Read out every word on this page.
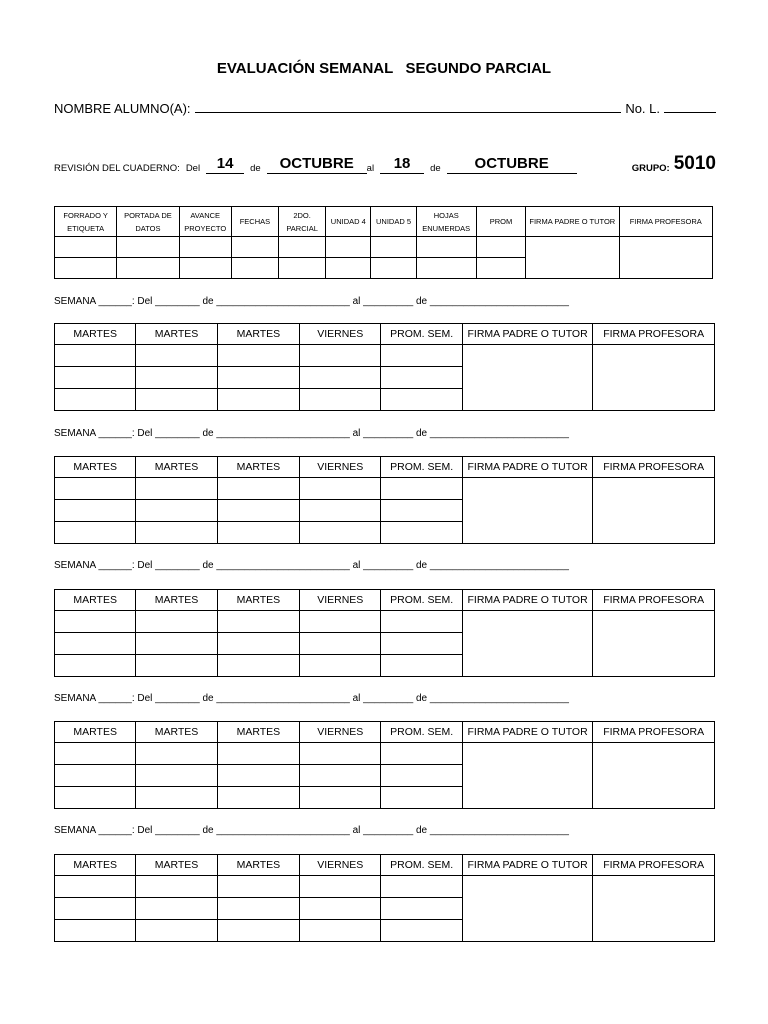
EVALUACIÓN SEMANAL   SEGUNDO PARCIAL
NOMBRE ALUMNO(A):	No. L.
REVISIÓN DEL CUADERNO: Del	14	de	OCTUBRE	al	18	de	OCTUBRE	GRUPO: 5010
FORRADO Y ETIQUETA	PORTADA DE DATOS	AVANCE PROYECTO	FECHAS	2DO. PARCIAL	UNIDAD 4	UNIDAD 5	HOJAS ENUMERDAS	PROM	FIRMA PADRE O TUTOR	FIRMA PROFESORA

SEMANA ______: Del ________ de ________________________ al _________ de _________________________
MARTES	MARTES	MARTES	VIERNES	PROM. SEM.	FIRMA PADRE O TUTOR	FIRMA PROFESORA

SEMANA ______: Del ________ de ________________________ al _________ de _________________________
MARTES	MARTES	MARTES	VIERNES	PROM. SEM.	FIRMA PADRE O TUTOR	FIRMA PROFESORA

SEMANA ______: Del ________ de ________________________ al _________ de _________________________
MARTES	MARTES	MARTES	VIERNES	PROM. SEM.	FIRMA PADRE O TUTOR	FIRMA PROFESORA

SEMANA ______: Del ________ de ________________________ al _________ de _________________________
MARTES	MARTES	MARTES	VIERNES	PROM. SEM.	FIRMA PADRE O TUTOR	FIRMA PROFESORA

SEMANA ______: Del ________ de ________________________ al _________ de _________________________
MARTES	MARTES	MARTES	VIERNES	PROM. SEM.	FIRMA PADRE O TUTOR	FIRMA PROFESORA
